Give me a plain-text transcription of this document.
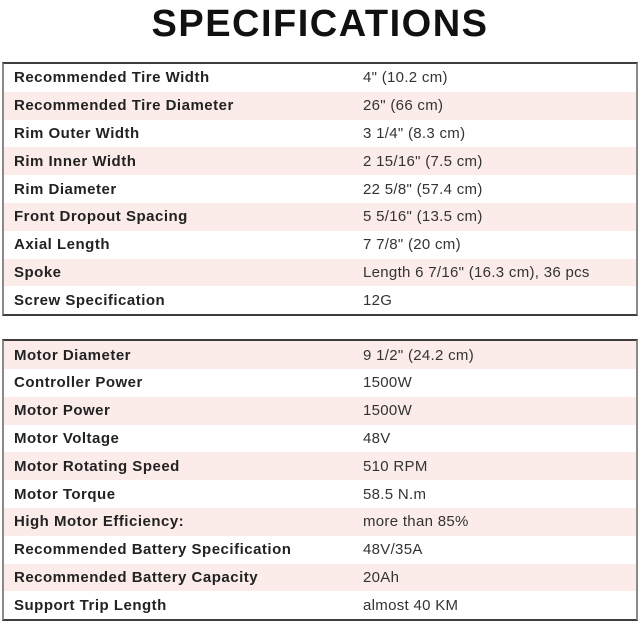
SPECIFICATIONS
Recommended Tire Width	4" (10.2 cm)
Recommended Tire Diameter	26" (66 cm)
Rim Outer Width	3 1/4" (8.3 cm)
Rim Inner Width	2 15/16" (7.5 cm)
Rim Diameter	22 5/8" (57.4 cm)
Front Dropout Spacing	5 5/16" (13.5 cm)
Axial Length	7 7/8" (20 cm)
Spoke	Length 6 7/16" (16.3 cm), 36 pcs
Screw Specification	12G
Motor Diameter	9 1/2" (24.2 cm)
Controller Power	1500W
Motor Power	1500W
Motor Voltage	48V
Motor Rotating Speed	510 RPM
Motor Torque	58.5 N.m
High Motor Efficiency:	more than 85%
Recommended Battery Specification	48V/35A
Recommended Battery Capacity	20Ah
Support Trip Length	almost 40 KM
